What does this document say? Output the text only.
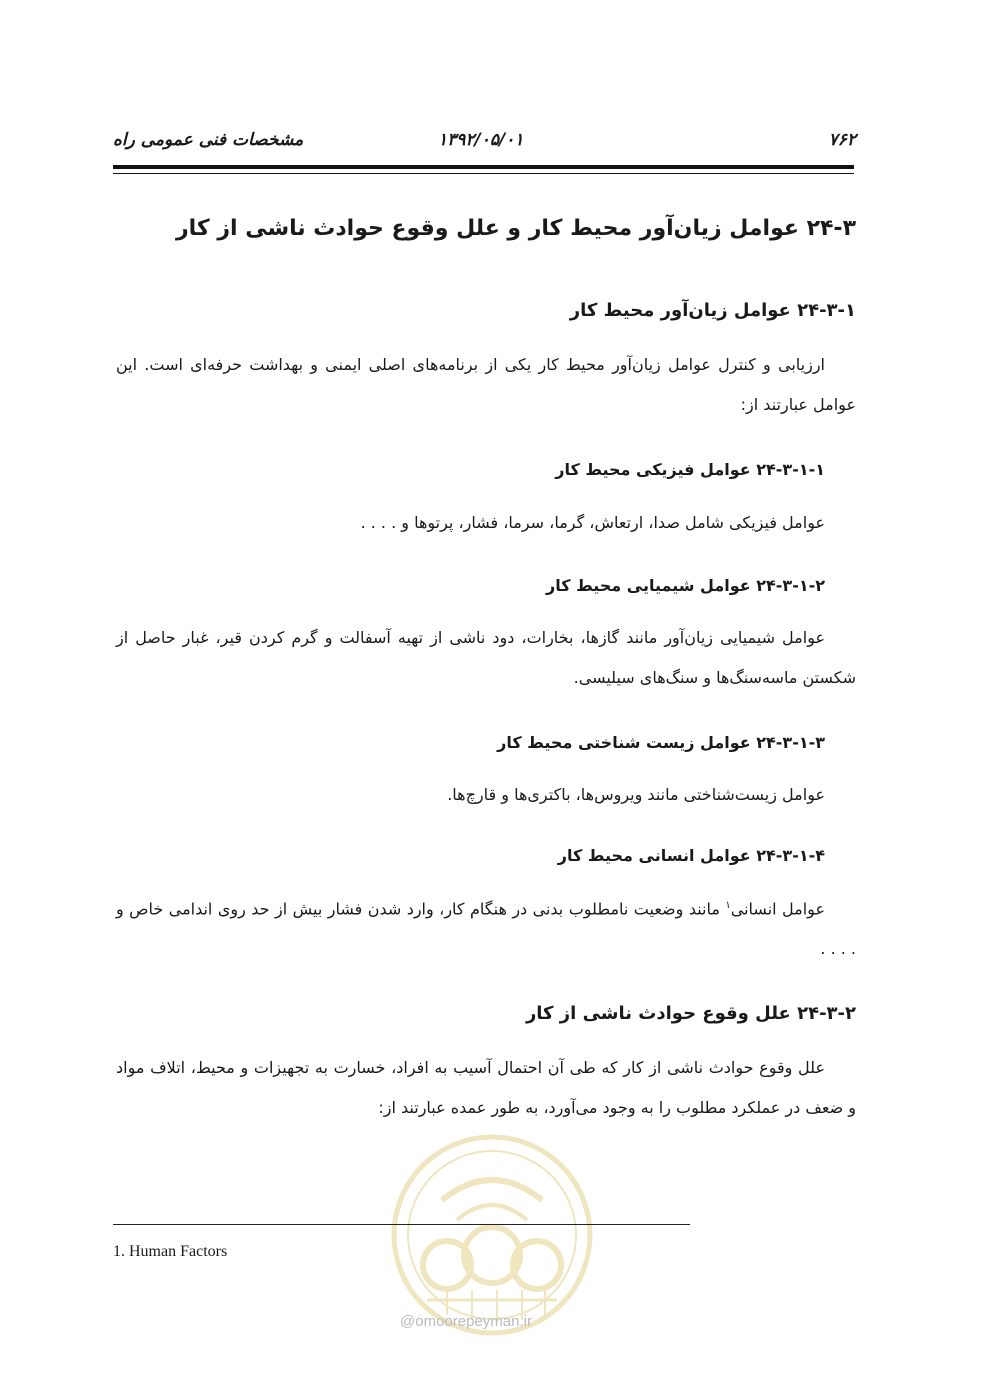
۷۶۲
۱۳۹۲/۰۵/۰۱
مشخصات فنی عمومی راه
۲۴-۳ عوامل زیان‌آور محیط کار و علل وقوع حوادث ناشی از کار
۲۴-۳-۱ عوامل زیان‌آور محیط کار
ارزیابی و کنترل عوامل زیان‌آور محیط کار یکی از برنامه‌های اصلی ایمنی و بهداشت حرفه‌ای است. این عوامل عبارتند از:
۲۴-۳-۱-۱ عوامل فیزیکی محیط کار
عوامل فیزیکی شامل صدا، ارتعاش، گرما، سرما، فشار، پرتوها و . . . .
۲۴-۳-۱-۲ عوامل شیمیایی محیط کار
عوامل شیمیایی زیان‌آور مانند گازها، بخارات، دود ناشی از تهیه آسفالت و گرم کردن قیر، غبار حاصل از شکستن ماسه‌سنگ‌ها و سنگ‌های سیلیسی.
۲۴-۳-۱-۳ عوامل زیست شناختی محیط کار
عوامل زیست‌شناختی مانند ویروس‌ها، باکتری‌ها و قارچ‌ها.
۲۴-۳-۱-۴ عوامل انسانی محیط کار
عوامل انسانی$^۱$ مانند وضعیت نامطلوب بدنی در هنگام کار، وارد شدن فشار بیش از حد روی اندامی خاص و . . . .
۲۴-۳-۲ علل وقوع حوادث ناشی از کار
علل وقوع حوادث ناشی از کار که طی آن احتمال آسیب به افراد، خسارت به تجهیزات و محیط، اتلاف مواد و ضعف در عملکرد مطلوب را به وجود می‌آورد، به طور عمده عبارتند از:
@omoorepeyman.ir
1. Human Factors
